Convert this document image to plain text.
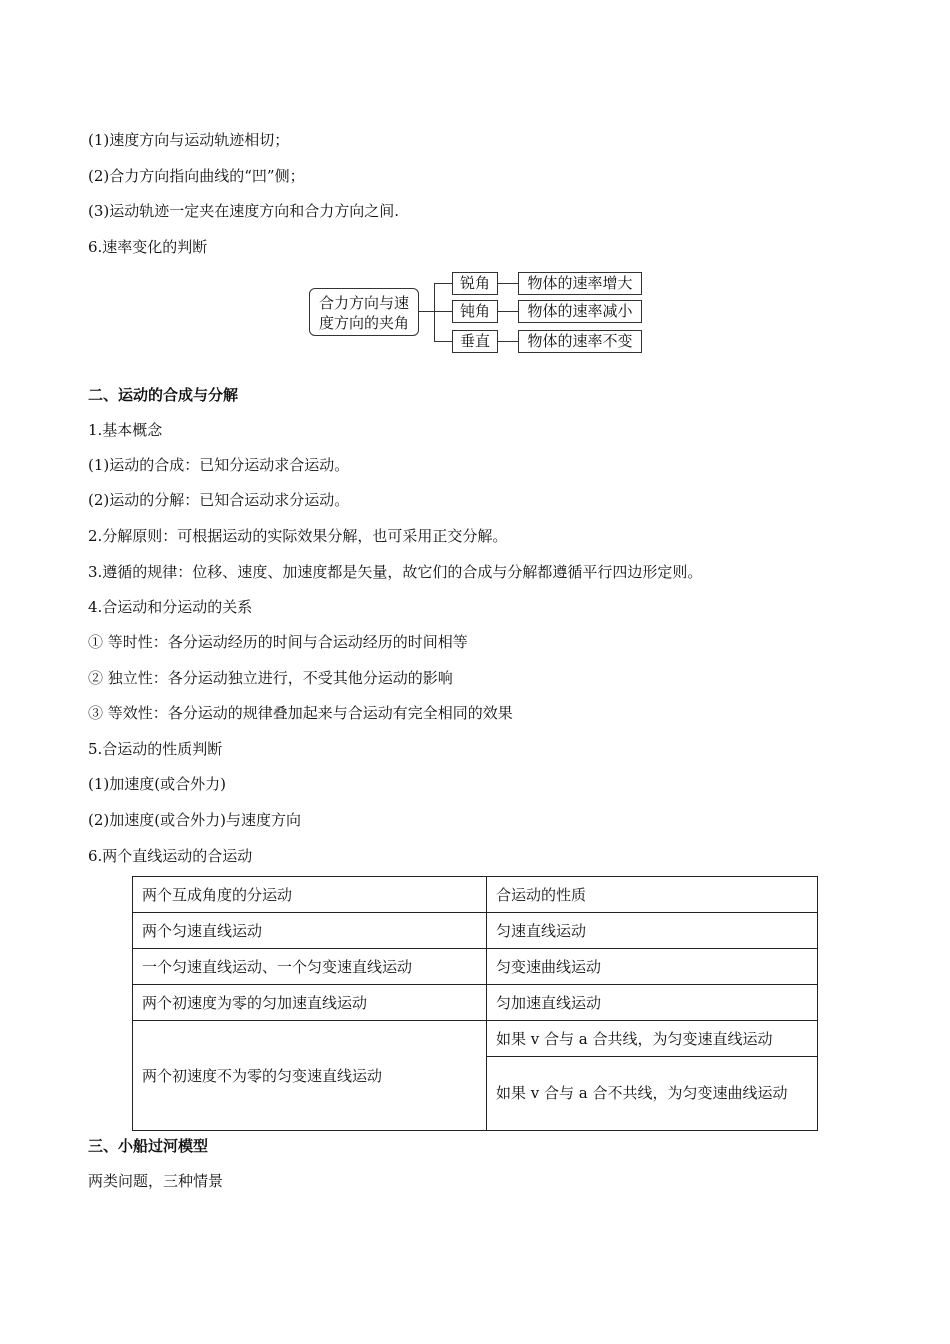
(1)速度方向与运动轨迹相切；
(2)合力方向指向曲线的“凹”侧；
(3)运动轨迹一定夹在速度方向和合力方向之间.
6.速率变化的判断
合力方向与速
度方向的夹角
锐角
钝角
垂直
物体的速率增大
物体的速率减小
物体的速率不变
二、运动的合成与分解
1.基本概念
(1)运动的合成：已知分运动求合运动。
(2)运动的分解：已知合运动求分运动。
2.分解原则：可根据运动的实际效果分解，也可采用正交分解。
3.遵循的规律：位移、速度、加速度都是矢量，故它们的合成与分解都遵循平行四边形定则。
4.合运动和分运动的关系
① 等时性：各分运动经历的时间与合运动经历的时间相等
② 独立性：各分运动独立进行，不受其他分运动的影响
③ 等效性：各分运动的规律叠加起来与合运动有完全相同的效果
5.合运动的性质判断
(1)加速度(或合外力)
(2)加速度(或合外力)与速度方向
6.两个直线运动的合运动
两个互成角度的分运动	合运动的性质
两个匀速直线运动	匀速直线运动
一个匀速直线运动、一个匀变速直线运动	匀变速曲线运动
两个初速度为零的匀加速直线运动	匀加速直线运动
两个初速度不为零的匀变速直线运动	如果 v 合与 a 合共线，为匀变速直线运动
	如果 v 合与 a 合不共线，为匀变速曲线运动
三、小船过河模型
两类问题，三种情景
